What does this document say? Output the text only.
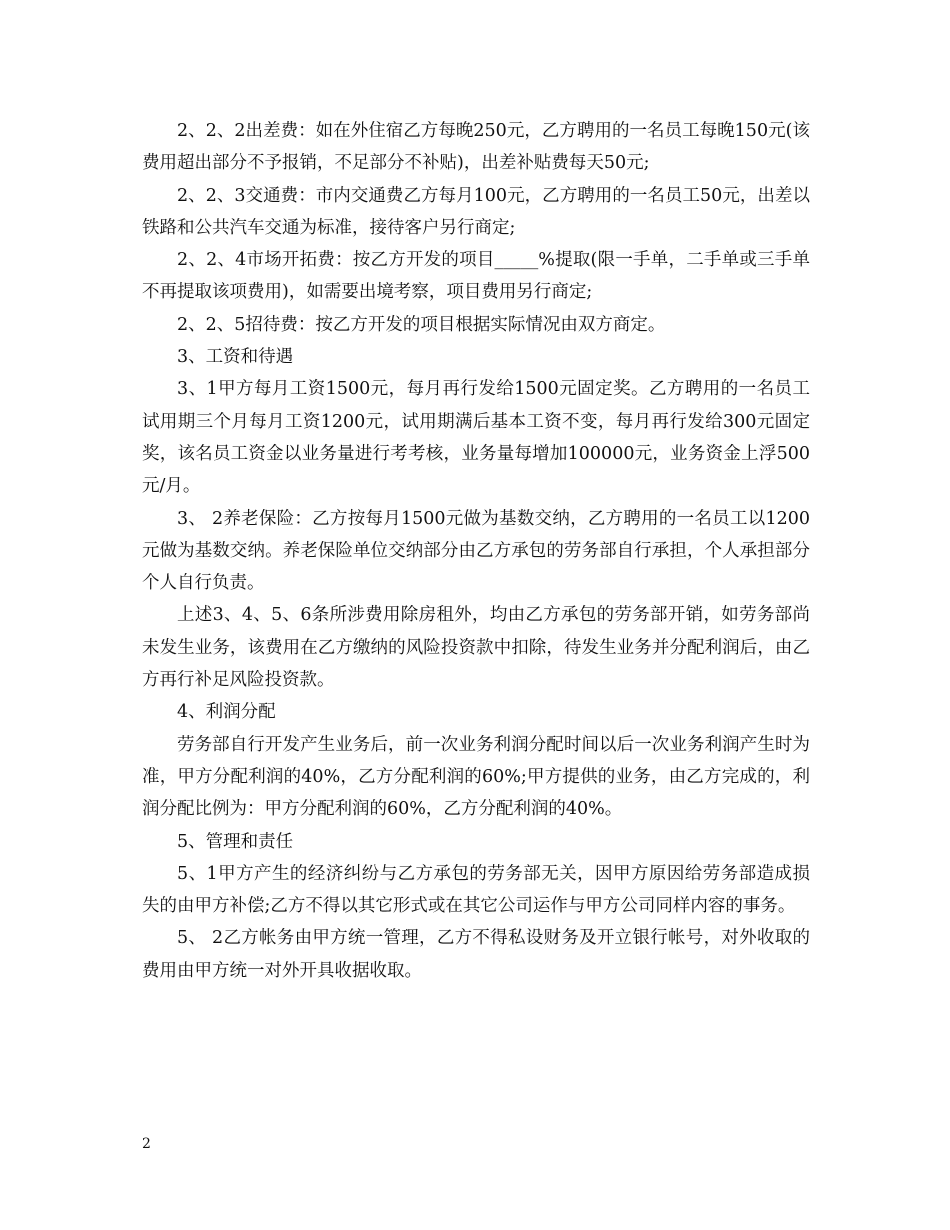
2、2、2出差费：如在外住宿乙方每晚250元，乙方聘用的一名员工每晚150元(该费用超出部分不予报销，不足部分不补贴)，出差补贴费每天50元;

2、2、3交通费：市内交通费乙方每月100元，乙方聘用的一名员工50元，出差以铁路和公共汽车交通为标准，接待客户另行商定;

2、2、4市场开拓费：按乙方开发的项目_____%提取(限一手单，二手单或三手单不再提取该项费用)，如需要出境考察，项目费用另行商定;

2、2、5招待费：按乙方开发的项目根据实际情况由双方商定。

3、工资和待遇

3、1甲方每月工资1500元，每月再行发给1500元固定奖。乙方聘用的一名员工试用期三个月每月工资1200元，试用期满后基本工资不变，每月再行发给300元固定奖，该名员工资金以业务量进行考考核，业务量每增加100000元，业务资金上浮500元/月。

3、 2养老保险：乙方按每月1500元做为基数交纳，乙方聘用的一名员工以1200元做为基数交纳。养老保险单位交纳部分由乙方承包的劳务部自行承担，个人承担部分个人自行负责。

上述3、4、5、6条所涉费用除房租外，均由乙方承包的劳务部开销，如劳务部尚未发生业务，该费用在乙方缴纳的风险投资款中扣除，待发生业务并分配利润后，由乙方再行补足风险投资款。

4、利润分配

劳务部自行开发产生业务后，前一次业务利润分配时间以后一次业务利润产生时为准，甲方分配利润的40%，乙方分配利润的60%;甲方提供的业务，由乙方完成的，利润分配比例为：甲方分配利润的60%，乙方分配利润的40%。

5、管理和责任

5、1甲方产生的经济纠纷与乙方承包的劳务部无关，因甲方原因给劳务部造成损失的由甲方补偿;乙方不得以其它形式或在其它公司运作与甲方公司同样内容的事务。

5、 2乙方帐务由甲方统一管理，乙方不得私设财务及开立银行帐号，对外收取的费用由甲方统一对外开具收据收取。

2
